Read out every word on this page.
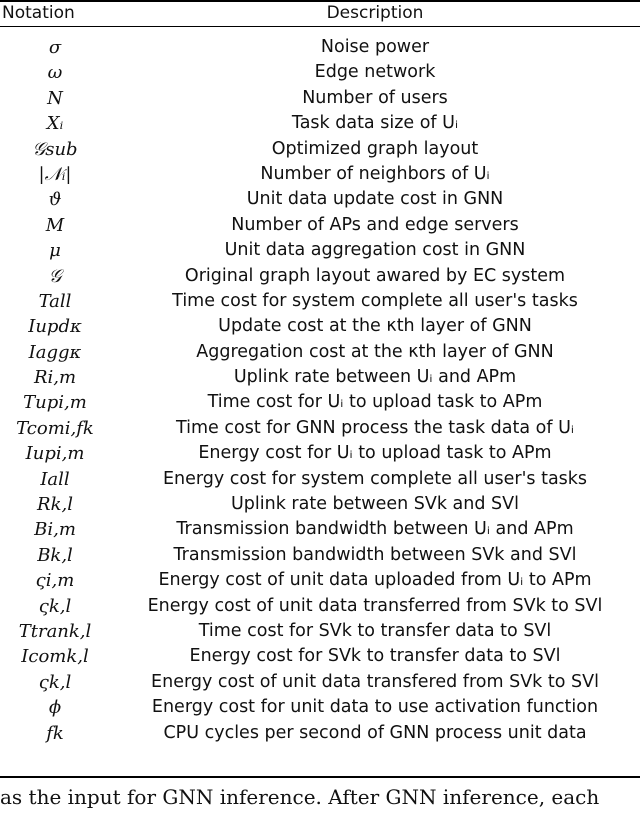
Notation	Description
σ	Noise power
ω	Edge network
N	Number of users
Xᵢ	Task data size of Uᵢ
𝒢sub	Optimized graph layout
|𝒩ᵢ|	Number of neighbors of Uᵢ
ϑ	Unit data update cost in GNN
M	Number of APs and edge servers
μ	Unit data aggregation cost in GNN
𝒢	Original graph layout awared by EC system
Tall	Time cost for system complete all user's tasks
Iupdκ	Update cost at the κth layer of GNN
Iaggκ	Aggregation cost at the κth layer of GNN
Ri,m	Uplink rate between Uᵢ and APm
Tupi,m	Time cost for Uᵢ to upload task to APm
Tcomi,fk	Time cost for GNN process the task data of Uᵢ
Iupi,m	Energy cost for Uᵢ to upload task to APm
Iall	Energy cost for system complete all user's tasks
Rk,l	Uplink rate between SVk and SVl
Bi,m	Transmission bandwidth between Uᵢ and APm
Bk,l	Transmission bandwidth between SVk and SVl
ςi,m	Energy cost of unit data uploaded from Uᵢ to APm
ςk,l	Energy cost of unit data transferred from SVk to SVl
Ttrank,l	Time cost for SVk to transfer data to SVl
Icomk,l	Energy cost for SVk to transfer data to SVl
ςk,l	Energy cost of unit data transfered from SVk to SVl
ϕ	Energy cost for unit data to use activation function
fk	CPU cycles per second of GNN process unit data
as the input for GNN inference. After GNN inference, each
